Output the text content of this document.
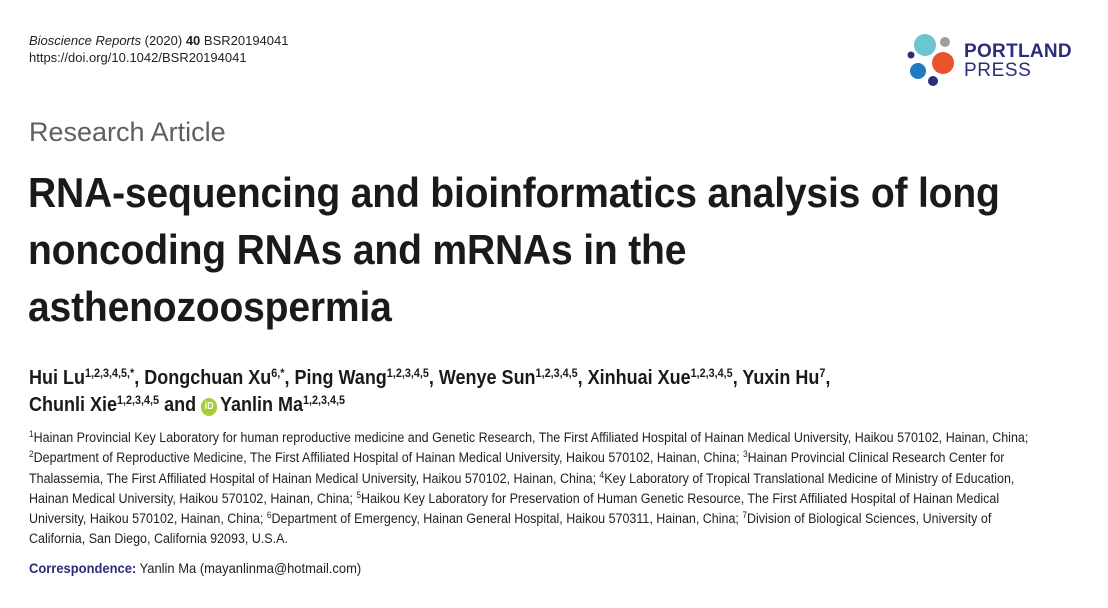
Bioscience Reports (2020) 40 BSR20194041
https://doi.org/10.1042/BSR20194041	PORTLAND
PRESS
Research Article
RNA-sequencing and bioinformatics analysis of long noncoding RNAs and mRNAs in the asthenozoospermia
Hui $Lu^{1,2,3,4,5,*}$, Dongchuan $Xu^{6,*}$, Ping Wang$^{1,2,3,4,5}$, Wenye Sun$^{1,2,3,4,5}$, Xinhuai Xue$^{1,2,3,4,5}$, Yuxin Hu$^7$,
Chunli Xie$^{1,2,3,4,5}$ and iD Yanlin Ma$^{1,2,3,4,5}$
$^1$Hainan Provincial Key Laboratory for human reproductive medicine and Genetic Research, The First Affiliated Hospital of Hainan Medical University, Haikou 570102, Hainan, China; $^2$Department of Reproductive Medicine, The First Affiliated Hospital of Hainan Medical University, Haikou 570102, Hainan, China; $^3$Hainan Provincial Clinical Research Center for Thalassemia, The First Affiliated Hospital of Hainan Medical University, Haikou 570102, Hainan, China; $^4$Key Laboratory of Tropical Translational Medicine of Ministry of Education, Hainan Medical University, Haikou 570102, Hainan, China; $^5$Haikou Key Laboratory for Preservation of Human Genetic Resource, The First Affiliated Hospital of Hainan Medical University, Haikou 570102, Hainan, China; $^6$Department of Emergency, Hainan General Hospital, Haikou 570311, Hainan, China; $^7$Division of Biological Sciences, University of California, San Diego, California 92093, U.S.A.
Correspondence: Yanlin Ma (mayanlinma@hotmail.com)
